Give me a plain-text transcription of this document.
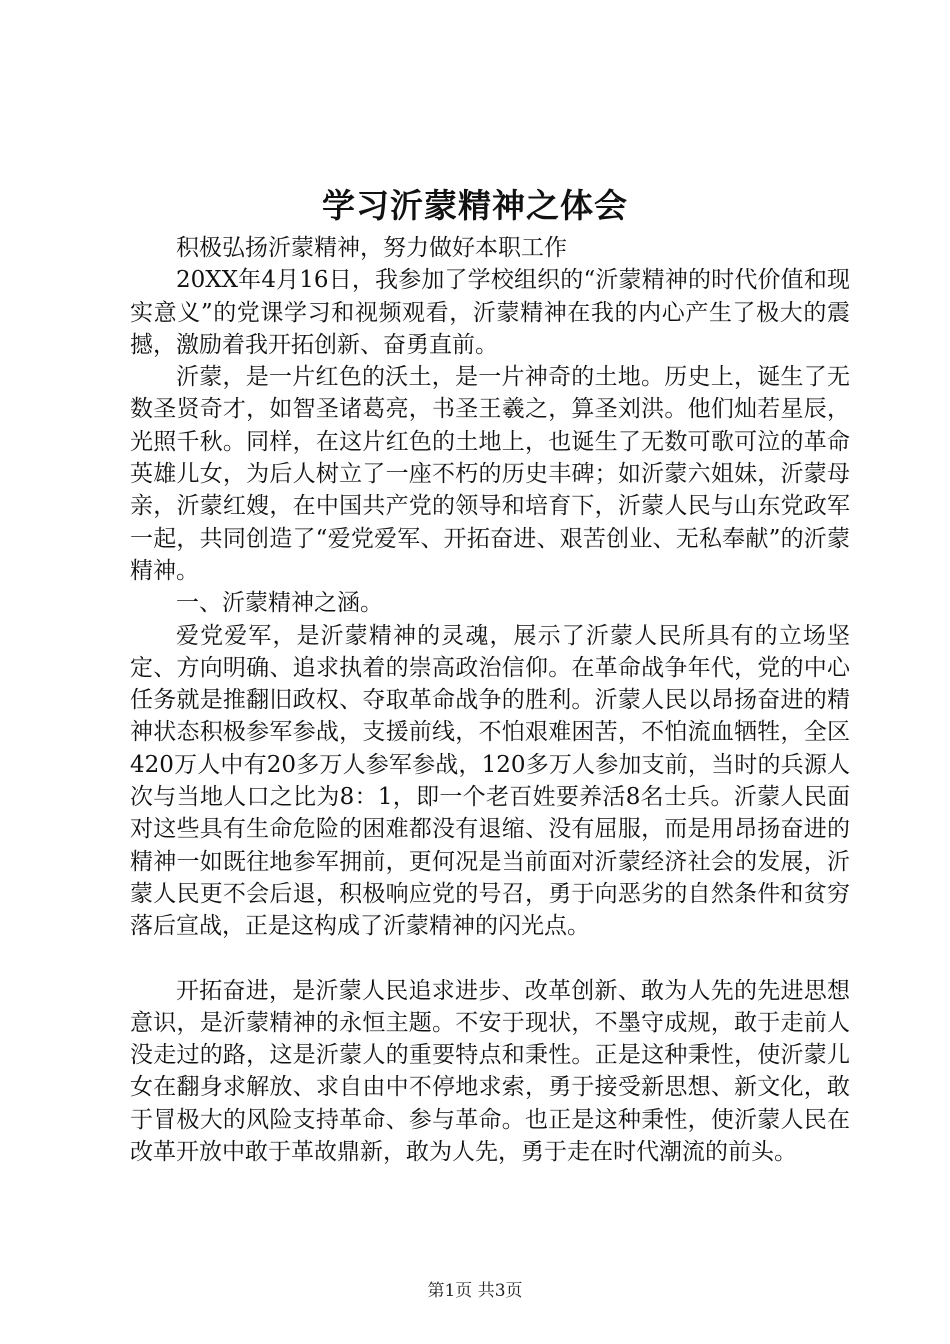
学习沂蒙精神之体会

积极弘扬沂蒙精神，努力做好本职工作

20XX年4月16日，我参加了学校组织的“沂蒙精神的时代价值和现实意义”的党课学习和视频观看，沂蒙精神在我的内心产生了极大的震撼，激励着我开拓创新、奋勇直前。

沂蒙，是一片红色的沃土，是一片神奇的土地。历史上，诞生了无数圣贤奇才，如智圣诸葛亮，书圣王羲之，算圣刘洪。他们灿若星辰，光照千秋。同样，在这片红色的土地上，也诞生了无数可歌可泣的革命英雄儿女，为后人树立了一座不朽的历史丰碑；如沂蒙六姐妹，沂蒙母亲，沂蒙红嫂，在中国共产党的领导和培育下，沂蒙人民与山东党政军一起，共同创造了“爱党爱军、开拓奋进、艰苦创业、无私奉献”的沂蒙精神。

一、沂蒙精神之涵。

爱党爱军，是沂蒙精神的灵魂，展示了沂蒙人民所具有的立场坚定、方向明确、追求执着的崇高政治信仰。在革命战争年代，党的中心任务就是推翻旧政权、夺取革命战争的胜利。沂蒙人民以昂扬奋进的精神状态积极参军参战，支援前线，不怕艰难困苦，不怕流血牺牲，全区420万人中有20多万人参军参战，120多万人参加支前，当时的兵源人次与当地人口之比为8：1，即一个老百姓要养活8名士兵。沂蒙人民面对这些具有生命危险的困难都没有退缩、没有屈服，而是用昂扬奋进的精神一如既往地参军拥前，更何况是当前面对沂蒙经济社会的发展，沂蒙人民更不会后退，积极响应党的号召，勇于向恶劣的自然条件和贫穷落后宣战，正是这构成了沂蒙精神的闪光点。

开拓奋进，是沂蒙人民追求进步、改革创新、敢为人先的先进思想意识，是沂蒙精神的永恒主题。不安于现状，不墨守成规，敢于走前人没走过的路，这是沂蒙人的重要特点和秉性。正是这种秉性，使沂蒙儿女在翻身求解放、求自由中不停地求索，勇于接受新思想、新文化，敢于冒极大的风险支持革命、参与革命。也正是这种秉性，使沂蒙人民在改革开放中敢于革故鼎新，敢为人先，勇于走在时代潮流的前头。

第1页 共3页
